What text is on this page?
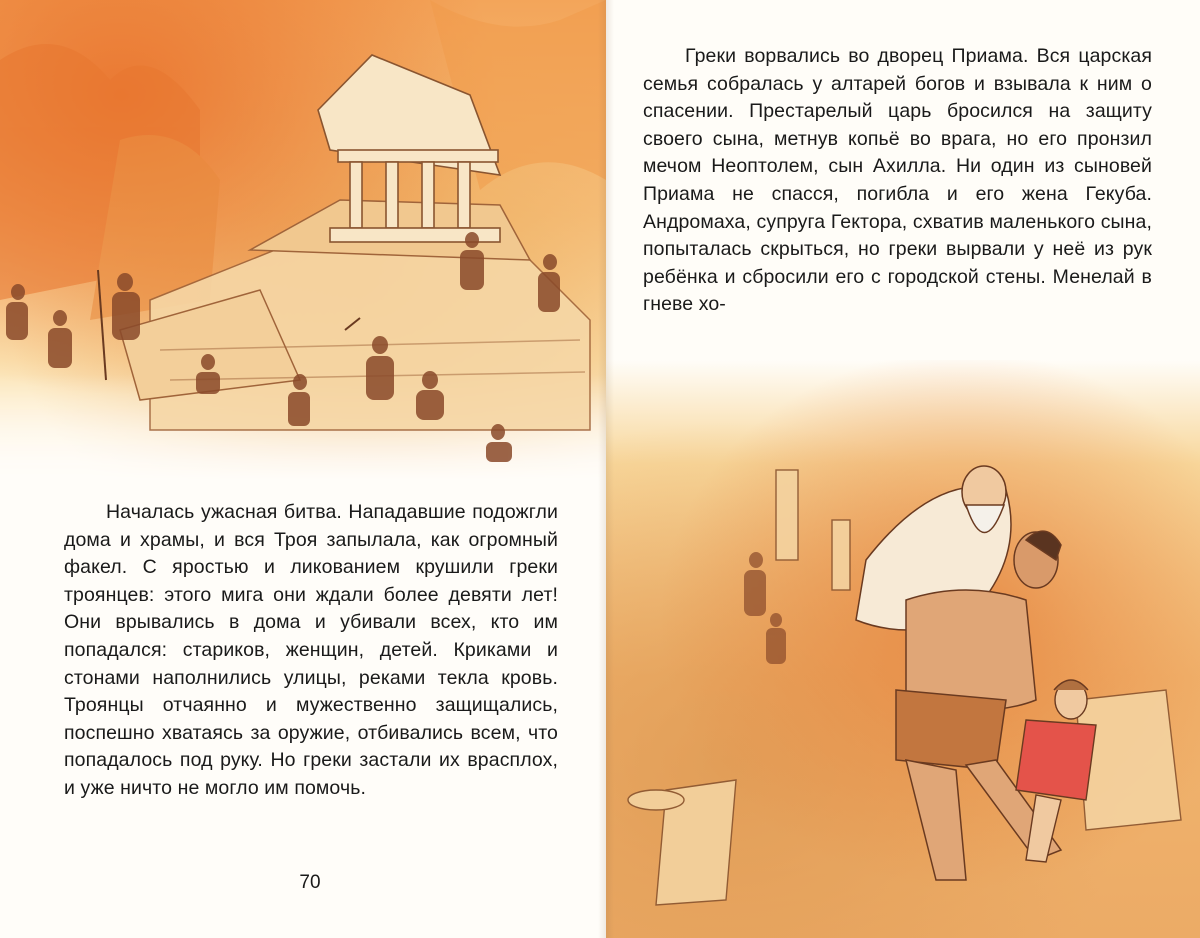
Началась ужасная битва. Нападавшие подожгли дома и храмы, и вся Троя запылала, как огромный факел. С яростью и ликованием крушили греки троянцев: этого мига они ждали более девяти лет! Они врывались в дома и убивали всех, кто им попадался: стариков, женщин, детей. Криками и стонами наполнились улицы, реками текла кровь. Троянцы отчаянно и мужественно защищались, поспешно хватаясь за оружие, отбивались всем, что попадалось под руку. Но греки застали их врасплох, и уже ничто не могло им помочь.

70

Греки ворвались во дворец Приама. Вся царская семья собралась у алтарей богов и взывала к ним о спасении. Престарелый царь бросился на защиту своего сына, метнув копьё во врага, но его пронзил мечом Неоптолем, сын Ахилла. Ни один из сыновей Приама не спасся, погибла и его жена Гекуба. Андромаха, супруга Гектора, схватив маленького сына, попыталась скрыться, но греки вырвали у неё из рук ребёнка и сбросили его с городской стены. Менелай в гневе хо-
